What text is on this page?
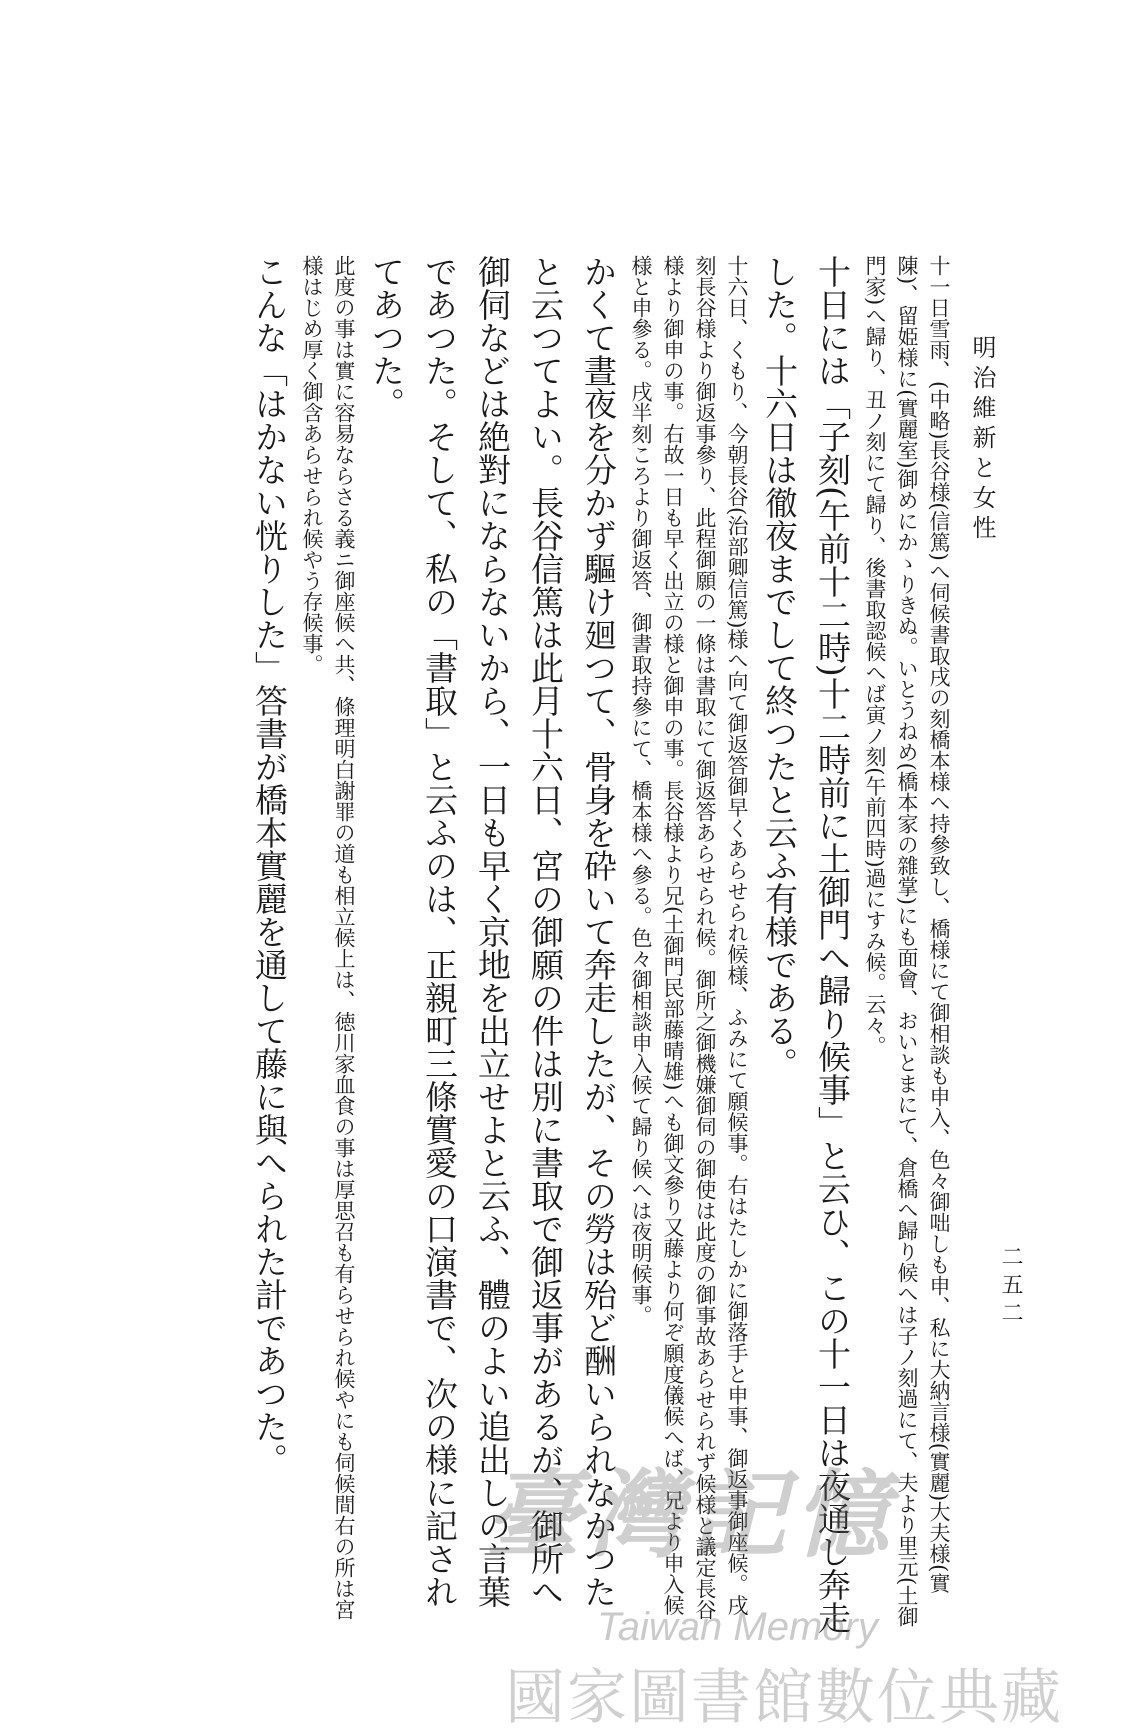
明治維新と女性
二五二

十一日雪雨、(中略)長谷様(信篤)へ伺候書取戌の刻橋本様へ持參致し、橋様にて御相談も申入、色々御咄しも申、私に大納言様(實麗)大夫様(實陳)、留姫様に(實麗室)御めにかゝりきぬ。いとうねめ(橋本家の雜掌)にも面會、おいとまにて、倉橋へ歸り候へは子ノ刻過にて、夫より里元(土御門家)へ歸り、丑ノ刻にて歸り、後書取認候へば寅ノ刻(午前四時)過にすみ候。云々。

十日には「子刻(午前十二時)十二時前に土御門へ歸り候事」と云ひ、この十一日は夜通し奔走した。十六日は徹夜までして終つたと云ふ有様である。

十六日、くもり、今朝長谷(治部卿信篤)様へ向て御返答御早くあらせられ候様、ふみにて願候事。右はたしかに御落手と申事、御返事御座候。戌刻長谷様より御返事參り、此程御願の一條は書取にて御返答あらせられ候。御所之御機嫌御伺の御使は此度の御事故あらせられず候様と議定長谷様より御申の事。右故一日も早く出立の様と御申の事。長谷様より兄(土御門民部藤晴雄)へも御文參り又藤より何ぞ願度儀候へば、兄より申入候様と申參る。戌半刻ころより御返答、御書取持參にて、橋本様へ參る。色々御相談申入候て歸り候へは夜明候事。

かくて晝夜を分かず驅け廻つて、骨身を砕いて奔走したが、その勞は殆ど酬いられなかつたと云つてよい。長谷信篤は此月十六日、宮の御願の件は別に書取で御返事があるが、御所へ御伺などは絶對にならないから、一日も早く京地を出立せよと云ふ、體のよい追出しの言葉であつた。そして、私の「書取」と云ふのは、正親町三條實愛の口演書で、次の様に記されてあつた。

此度の事は實に容易ならさる義ニ御座候へ共、條理明白謝罪の道も相立候上は、徳川家血食の事は厚思召も有らせられ候やにも伺候間右の所は宮様はじめ厚く御含あらせられ候やう存候事。

こんな「はかない恍りした」答書が橋本實麗を通して藤に與へられた計であつた。

臺灣記憶
Taiwan Memory
國家圖書館數位典藏
